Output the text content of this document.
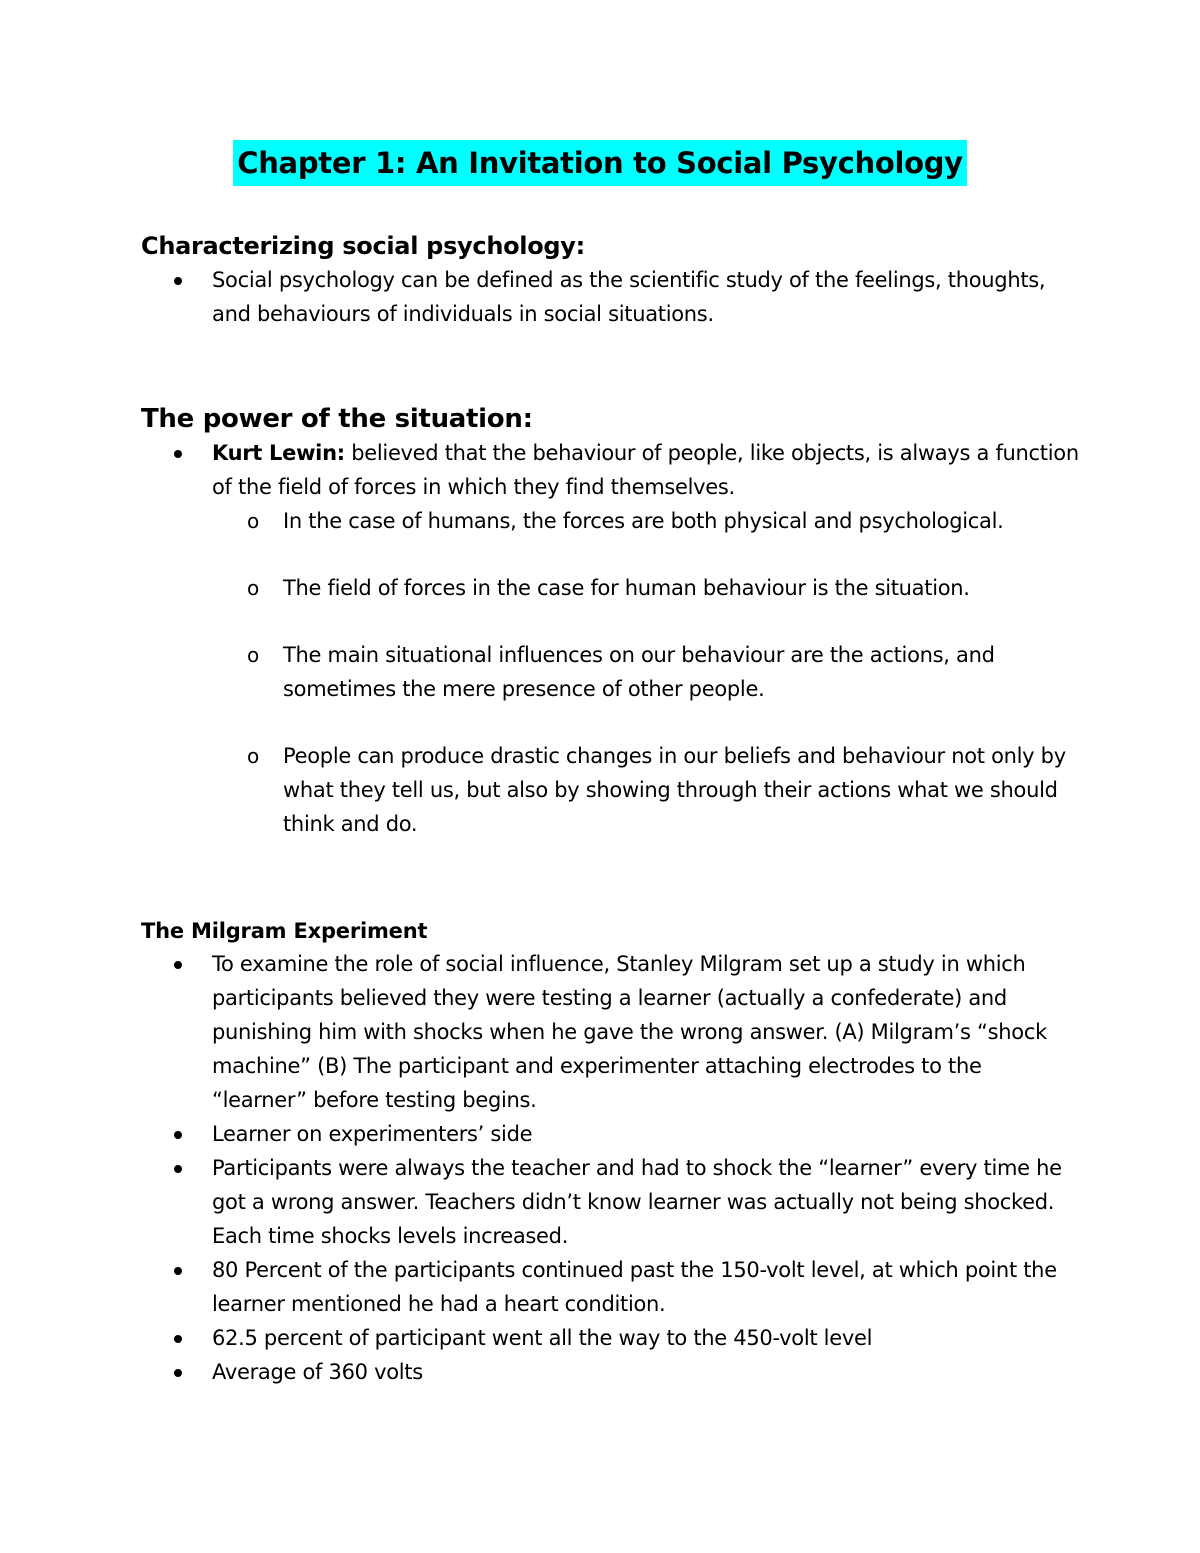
Chapter 1: An Invitation to Social Psychology

Characterizing social psychology:

Social psychology can be defined as the scientific study of the feelings, thoughts, and behaviours of individuals in social situations.

The power of the situation:

Kurt Lewin: believed that the behaviour of people, like objects, is always a function of the field of forces in which they find themselves.
o In the case of humans, the forces are both physical and psychological.
o The field of forces in the case for human behaviour is the situation.
o The main situational influences on our behaviour are the actions, and sometimes the mere presence of other people.
o People can produce drastic changes in our beliefs and behaviour not only by what they tell us, but also by showing through their actions what we should think and do.

The Milgram Experiment

To examine the role of social influence, Stanley Milgram set up a study in which participants believed they were testing a learner (actually a confederate) and punishing him with shocks when he gave the wrong answer. (A) Milgram’s “shock machine” (B) The participant and experimenter attaching electrodes to the “learner” before testing begins.
Learner on experimenters’ side
Participants were always the teacher and had to shock the “learner” every time he got a wrong answer. Teachers didn’t know learner was actually not being shocked. Each time shocks levels increased.
80 Percent of the participants continued past the 150-volt level, at which point the learner mentioned he had a heart condition.
62.5 percent of participant went all the way to the 450-volt level
Average of 360 volts
